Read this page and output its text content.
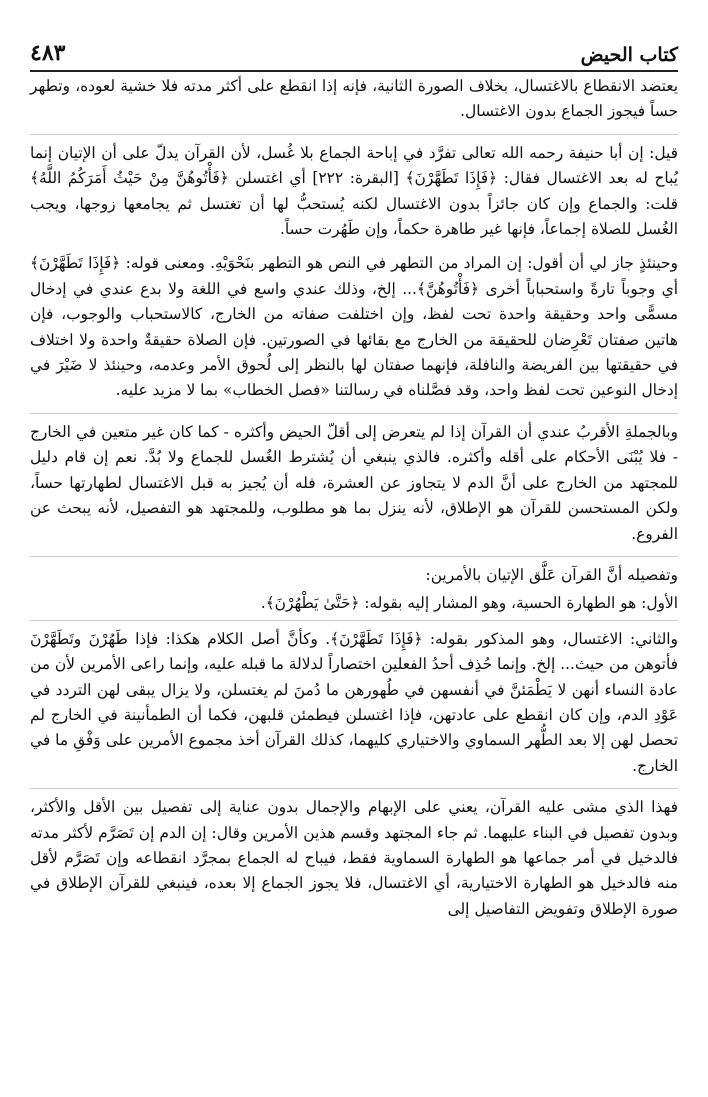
كتاب الحيض
٤٨٣

يعتضد الانقطاع بالاغتسال، بخلاف الصورة الثانية، فإنه إذا انقطع على أكثر مدته فلا خشية لعوده، وتطهر حساً فيجوز الجماع بدون الاغتسال.

قيل: إن أبا حنيفة رحمه الله تعالى تفرَّد في إباحة الجماع بلا غُسل، لأن القرآن يدلّ على أن الإتيان إنما يُباح له بعد الاغتسال فقال: ﴿فَإِذَا تَطَهَّرْنَ﴾ [البقرة: ٢٢٢] أي اغتسلن ﴿فَأْتُوهُنَّ مِنْ حَيْثُ أَمَرَكُمُ اللَّهُ﴾ قلت: والجماع وإن كان جائزاً بدون الاغتسال لكنه يُستحبُّ لها أن تغتسل ثم يجامعها زوجها، ويجب الغُسل للصلاة إجماعاً، فإنها غير طاهرة حكماً، وإن طَهُرت حساً.

وحينئذٍ جاز لي أن أقول: إن المراد من التطهر في النص هو التطهر بنَحْوَيْهِ. ومعنى قوله: ﴿فَإِذَا تَطَهَّرْنَ﴾ أي وجوباً تارةً واستحباباً أخرى ﴿فَأْتُوهُنَّ﴾... إلخ، وذلك عندي واسع في اللغة ولا بدع عندي في إدخال مسمًّى واحد وحقيقة واحدة تحت لفظ، وإن اختلفت صفاته من الخارج، كالاستحباب والوجوب، فإن هاتين صفتان تَعْرِضان للحقيقة من الخارج مع بقائها في الصورتين. فإن الصلاة حقيقةٌ واحدة ولا اختلاف في حقيقتها بين الفريضة والنافلة، فإنهما صفتان لها بالنظر إلى لُحوق الأمر وعدمه، وحينئذ لا ضَيْرَ في إدخال النوعين تحت لفظ واحد، وقد فصَّلناه في رسالتنا «فصل الخطاب» بما لا مزيد عليه.

وبالجملةِ الأقربُ عندي أن القرآن إذا لم يتعرض إلى أقلّ الحيض وأكثره - كما كان غير متعين في الخارج - فلا يُبْنَى الأحكام على أقله وأكثره. فالذي ينبغي أن يُشترط الغُسل للجماع ولا بُدَّ. نعم إن قام دليل للمجتهد من الخارج على أنَّ الدم لا يتجاوز عن العشرة، فله أن يُجيز به قبل الاغتسال لطهارتها حساً، ولكن المستحسن للقرآن هو الإطلاق، لأنه ينزل بما هو مطلوب، وللمجتهد هو التفصيل، لأنه يبحث عن الفروع.

وتفصيله أنَّ القرآن عَلَّق الإتيان بالأمرين:

الأول: هو الطهارة الحسية، وهو المشار إليه بقوله: ﴿حَتَّىٰ يَطْهُرْنَ﴾.

والثاني: الاغتسال، وهو المذكور بقوله: ﴿فَإِذَا تَطَهَّرْنَ﴾. وكأنَّ أصل الكلام هكذا: فإذا طَهُرْنَ وتَطَهَّرْنَ فأتوهن من حيث... إلخ. وإنما حُذِف أحدُ الفعلين اختصاراً لدلالة ما قبله عليه، وإنما راعى الأمرين لأن من عادة النساء أنهن لا يَطْمَئنَّ في أنفسهن في طُهورهن ما دُمنَ لم يغتسلن، ولا يزال يبقى لهن التردد في عَوْدِ الدم، وإن كان انقطع على عادتهن، فإذا اغتسلن فيطمئن قلبهن، فكما أن الطمأنينة في الخارج لم تحصل لهن إلا بعد الطُّهر السماوي والاختياري كليهما، كذلك القرآن أخذ مجموع الأمرين على وَفْقِ ما في الخارج.

فهذا الذي مشى عليه القرآن، يعني على الإبهام والإجمال بدون عناية إلى تفصيل بين الأقل والأكثر، وبدون تفصيل في البناء عليهما. ثم جاء المجتهد وقسم هذين الأمرين وقال: إن الدم إن تَصَرَّم لأكثر مدته فالدخيل في أمر جماعها هو الطهارة السماوية فقط، فيباح له الجماع بمجرَّد انقطاعه وإن تَصَرَّم لأقل منه فالدخيل هو الطهارة الاختيارية، أي الاغتسال، فلا يجوز الجماع إلا بعده، فينبغي للقرآن الإطلاق في صورة الإطلاق وتفويض التفاصيل إلى
